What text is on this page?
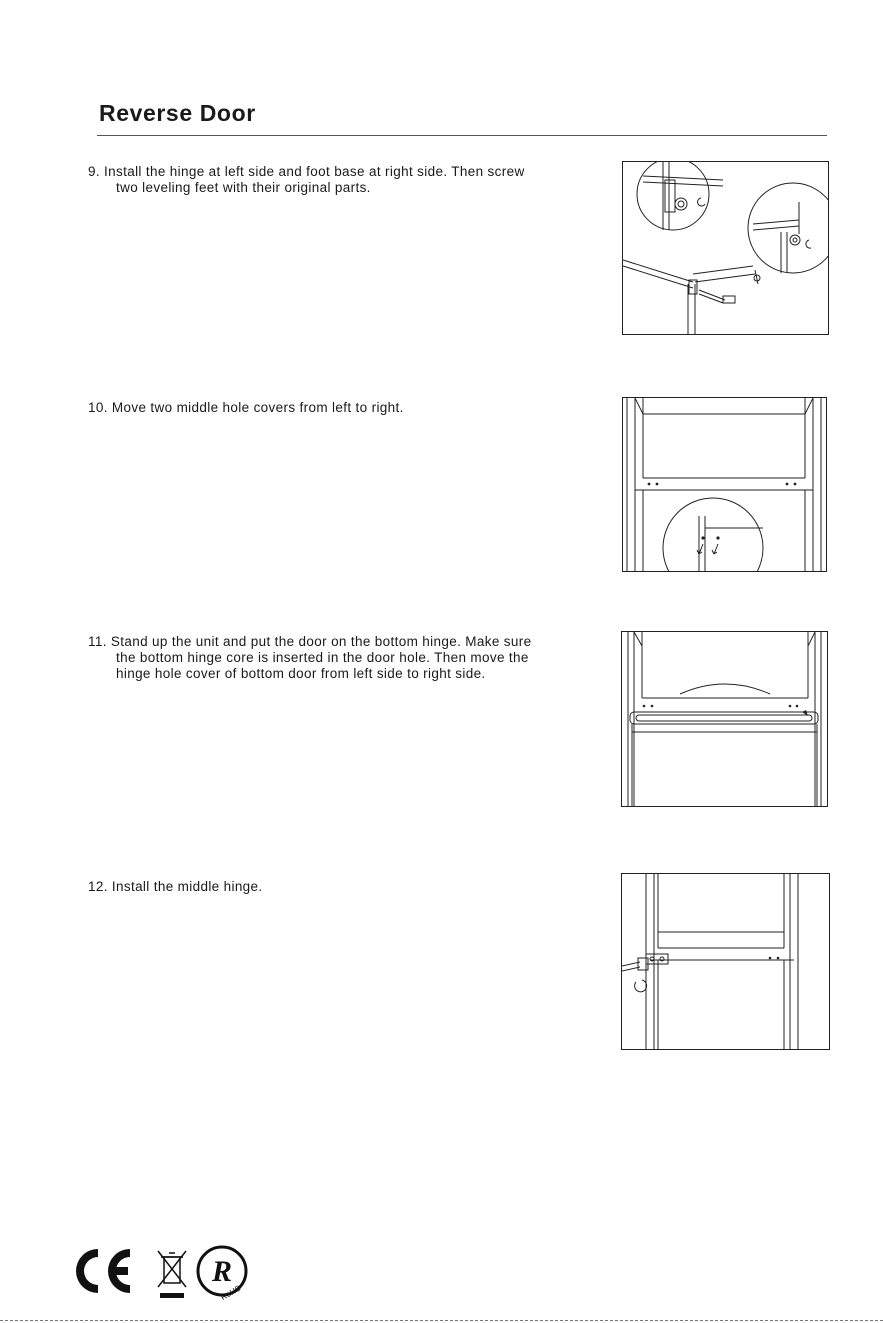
Reverse Door
9. Install the hinge at left side and foot base at right side. Then screw
two leveling feet with their original parts.
10. Move two middle hole covers from left to right.
11. Stand up the unit and put the door on the bottom hinge. Make sure
the bottom hinge core is inserted in the door hole. Then move the
hinge hole cover of bottom door from left side to right side.
12. Install the middle hinge.
CE
R
RoHS
